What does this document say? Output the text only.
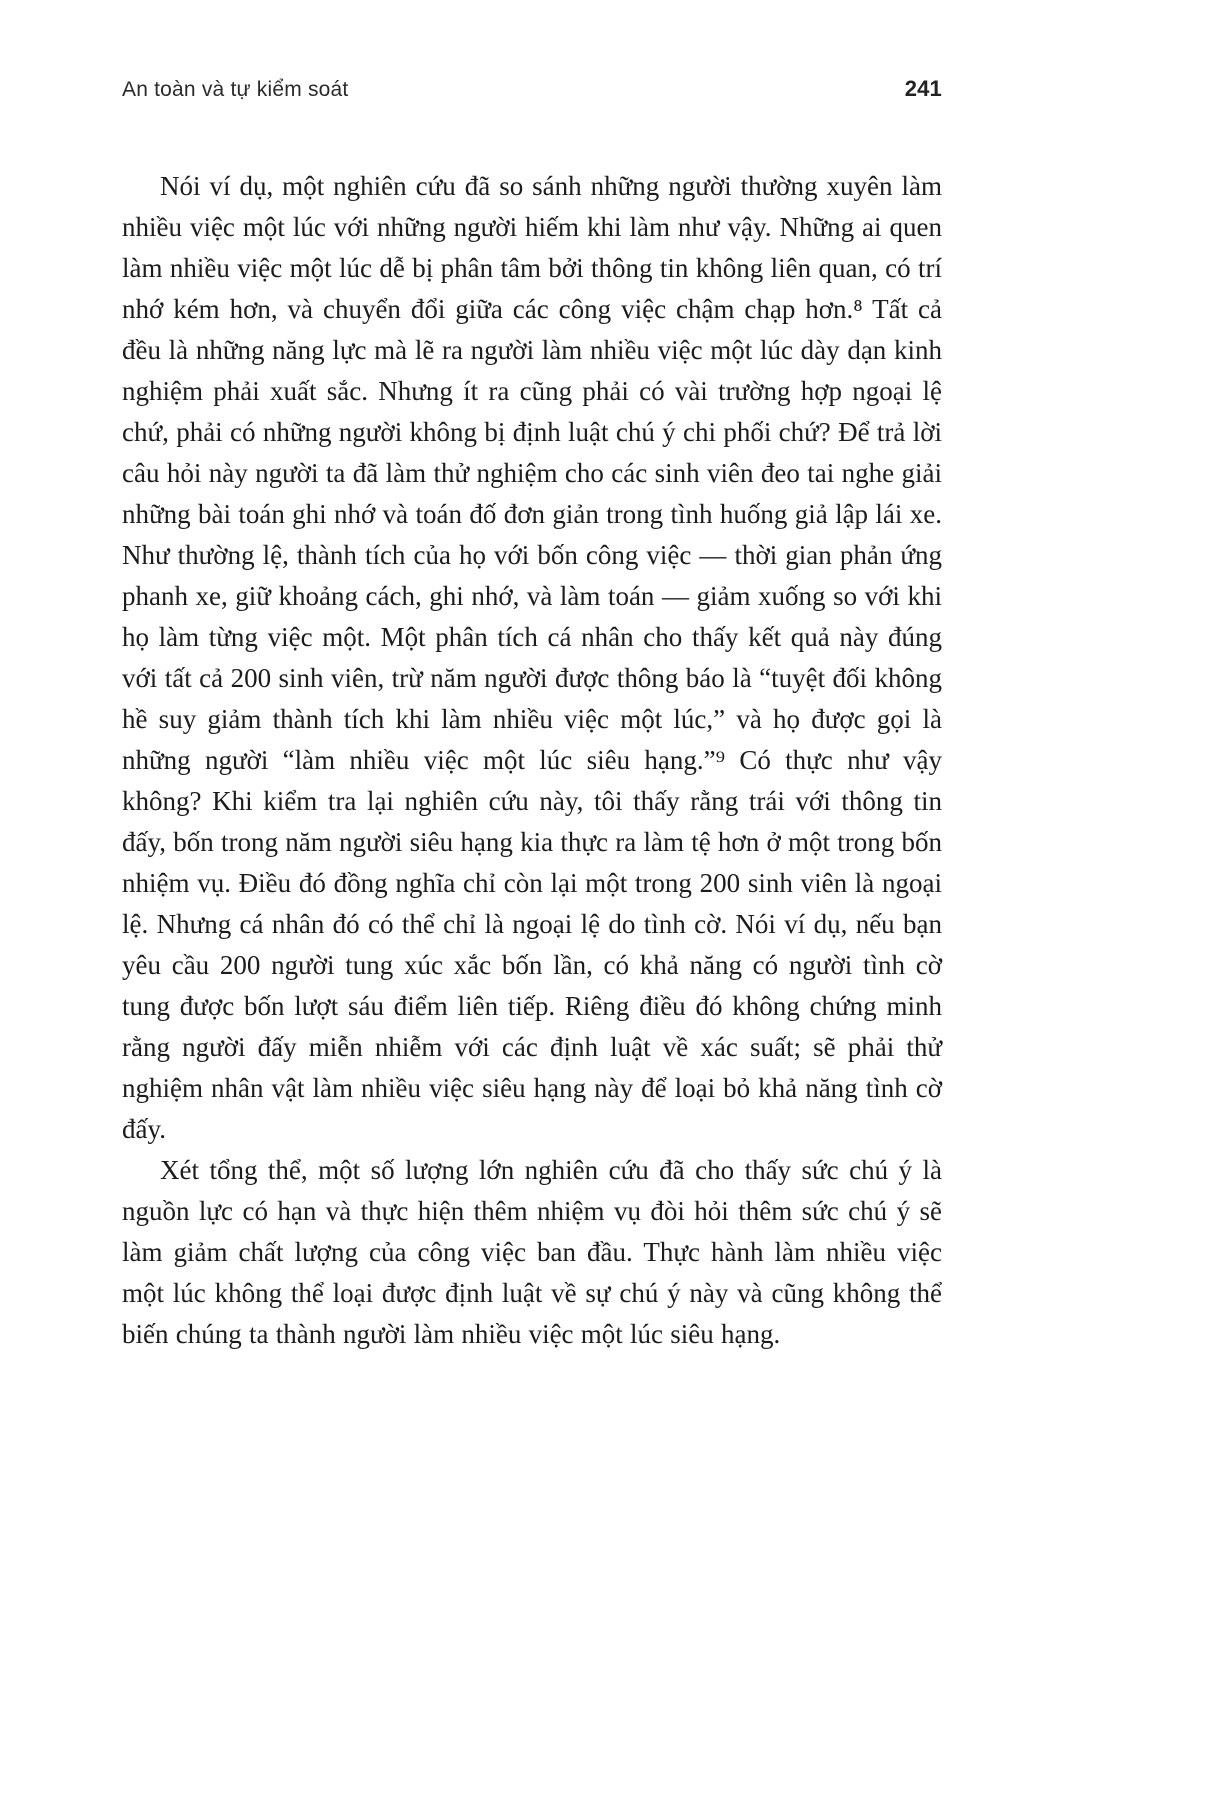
An toàn và tự kiểm soát	241

Nói ví dụ, một nghiên cứu đã so sánh những người thường xuyên làm nhiều việc một lúc với những người hiếm khi làm như vậy. Những ai quen làm nhiều việc một lúc dễ bị phân tâm bởi thông tin không liên quan, có trí nhớ kém hơn, và chuyển đổi giữa các công việc chậm chạp hơn.⁸ Tất cả đều là những năng lực mà lẽ ra người làm nhiều việc một lúc dày dạn kinh nghiệm phải xuất sắc. Nhưng ít ra cũng phải có vài trường hợp ngoại lệ chứ, phải có những người không bị định luật chú ý chi phối chứ? Để trả lời câu hỏi này người ta đã làm thử nghiệm cho các sinh viên đeo tai nghe giải những bài toán ghi nhớ và toán đố đơn giản trong tình huống giả lập lái xe. Như thường lệ, thành tích của họ với bốn công việc — thời gian phản ứng phanh xe, giữ khoảng cách, ghi nhớ, và làm toán — giảm xuống so với khi họ làm từng việc một. Một phân tích cá nhân cho thấy kết quả này đúng với tất cả 200 sinh viên, trừ năm người được thông báo là “tuyệt đối không hề suy giảm thành tích khi làm nhiều việc một lúc,” và họ được gọi là những người “làm nhiều việc một lúc siêu hạng.”⁹ Có thực như vậy không? Khi kiểm tra lại nghiên cứu này, tôi thấy rằng trái với thông tin đấy, bốn trong năm người siêu hạng kia thực ra làm tệ hơn ở một trong bốn nhiệm vụ. Điều đó đồng nghĩa chỉ còn lại một trong 200 sinh viên là ngoại lệ. Nhưng cá nhân đó có thể chỉ là ngoại lệ do tình cờ. Nói ví dụ, nếu bạn yêu cầu 200 người tung xúc xắc bốn lần, có khả năng có người tình cờ tung được bốn lượt sáu điểm liên tiếp. Riêng điều đó không chứng minh rằng người đấy miễn nhiễm với các định luật về xác suất; sẽ phải thử nghiệm nhân vật làm nhiều việc siêu hạng này để loại bỏ khả năng tình cờ đấy.

Xét tổng thể, một số lượng lớn nghiên cứu đã cho thấy sức chú ý là nguồn lực có hạn và thực hiện thêm nhiệm vụ đòi hỏi thêm sức chú ý sẽ làm giảm chất lượng của công việc ban đầu. Thực hành làm nhiều việc một lúc không thể loại được định luật về sự chú ý này và cũng không thể biến chúng ta thành người làm nhiều việc một lúc siêu hạng.
